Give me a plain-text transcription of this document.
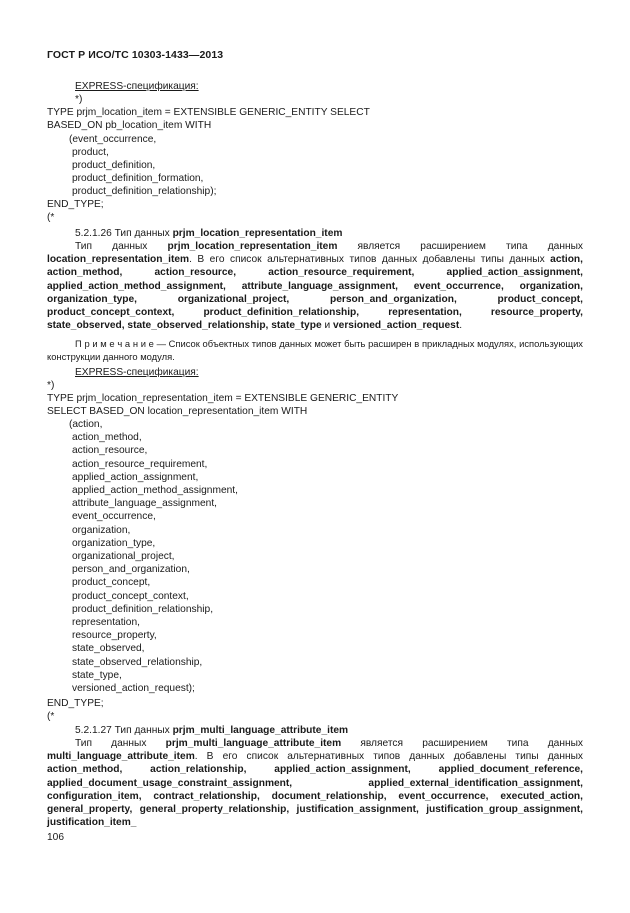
ГОСТ Р ИСО/ТС 10303-1433—2013
EXPRESS-спецификация:
*)
TYPE prjm_location_item = EXTENSIBLE GENERIC_ENTITY SELECT
BASED_ON pb_location_item WITH
(event_occurrence,
product,
product_definition,
product_definition_formation,
product_definition_relationship);
END_TYPE;
(*
5.2.1.26 Тип данных prjm_location_representation_item
Тип данных prjm_location_representation_item является расширением типа данных location_representation_item. В его список альтернативных типов данных добавлены типы данных action, action_method, action_resource, action_resource_requirement, applied_action_assignment, applied_action_method_assignment, attribute_language_assignment, event_occurrence, organization, organization_type, organizational_project, person_and_organization, product_concept, product_concept_context, product_definition_relationship, representation, resource_property, state_observed, state_observed_relationship, state_type и versioned_action_request.
П р и м е ч а н и е — Список объектных типов данных может быть расширен в прикладных модулях, использующих конструкции данного модуля.
EXPRESS-спецификация:
*)
TYPE prjm_location_representation_item = EXTENSIBLE GENERIC_ENTITY
SELECT BASED_ON location_representation_item WITH
(action,
action_method,
action_resource,
action_resource_requirement,
applied_action_assignment,
applied_action_method_assignment,
attribute_language_assignment,
event_occurrence,
organization,
organization_type,
organizational_project,
person_and_organization,
product_concept,
product_concept_context,
product_definition_relationship,
representation,
resource_property,
state_observed,
state_observed_relationship,
state_type,
versioned_action_request);
END_TYPE;
(*
5.2.1.27 Тип данных prjm_multi_language_attribute_item
Тип данных prjm_multi_language_attribute_item является расширением типа данных multi_language_attribute_item. В его список альтернативных типов данных добавлены типы данных action_method, action_relationship, applied_action_assignment, applied_document_reference, applied_document_usage_constraint_assignment, applied_external_identification_assignment, configuration_item, contract_relationship, document_relationship, event_occurrence, executed_action, general_property, general_property_relationship, justification_assignment, justification_group_assignment, justification_item_
106
